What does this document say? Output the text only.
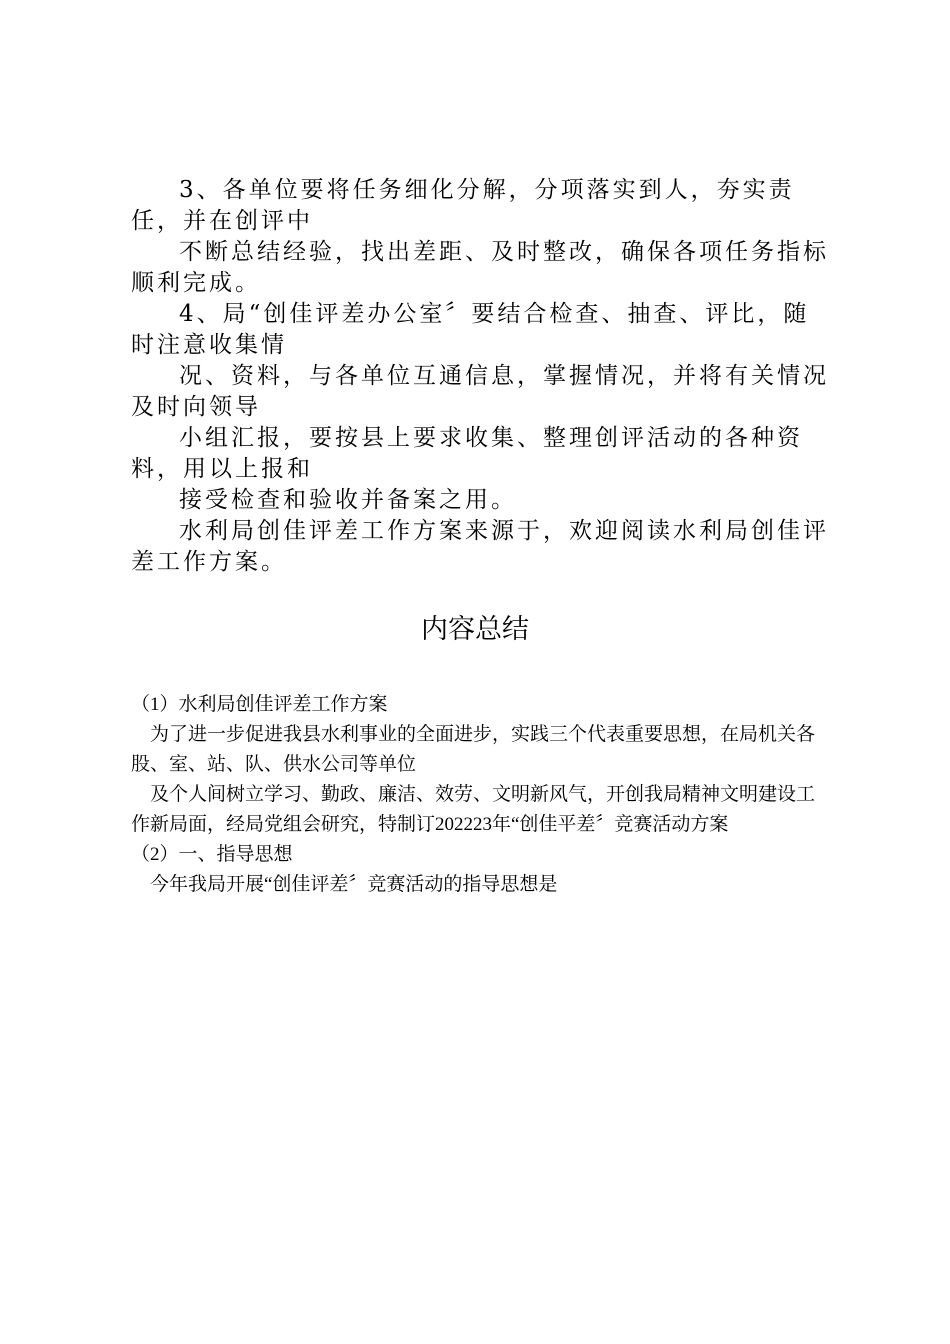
3、各单位要将任务细化分解，分项落实到人，夯实责任，并在创评中

不断总结经验，找出差距、及时整改，确保各项任务指标顺利完成。

4、局“创佳评差办公室〞要结合检查、抽查、评比，随时注意收集情

况、资料，与各单位互通信息，掌握情况，并将有关情况及时向领导

小组汇报，要按县上要求收集、整理创评活动的各种资料，用以上报和

接受检查和验收并备案之用。

水利局创佳评差工作方案来源于，欢迎阅读水利局创佳评差工作方案。

内容总结

（1）水利局创佳评差工作方案

为了进一步促进我县水利事业的全面进步，实践三个代表重要思想，在局机关各股、室、站、队、供水公司等单位

及个人间树立学习、勤政、廉洁、效劳、文明新风气，开创我局精神文明建设工作新局面，经局党组会研究，特制订202223年“创佳平差〞竞赛活动方案

（2）一、指导思想

今年我局开展“创佳评差〞竞赛活动的指导思想是
